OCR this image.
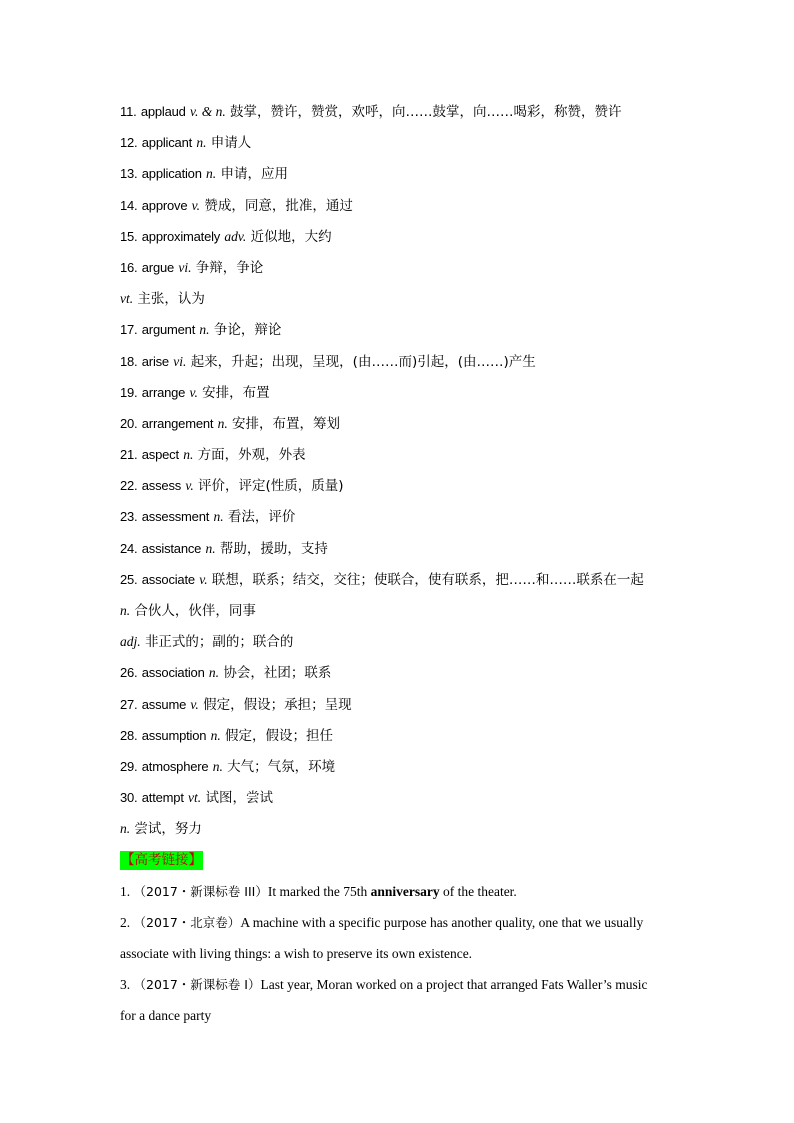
11. applaud v. & n. 鼓掌，赞许，赞赏，欢呼，向……鼓掌，向……喝彩，称赞，赞许
12. applicant n. 申请人
13. application n. 申请，应用
14. approve v. 赞成，同意，批准，通过
15. approximately adv. 近似地，大约
16. argue vi. 争辩，争论
vt. 主张，认为
17. argument n. 争论，辩论
18. arise vi. 起来，升起；出现，呈现，(由……而)引起，(由……)产生
19. arrange v. 安排，布置
20. arrangement n. 安排，布置，筹划
21. aspect n. 方面，外观，外表
22. assess v. 评价，评定(性质，质量)
23. assessment n. 看法，评价
24. assistance n. 帮助，援助，支持
25. associate v. 联想，联系；结交，交往；使联合，使有联系，把……和……联系在一起
n. 合伙人，伙伴，同事
adj. 非正式的；副的；联合的
26. association n. 协会，社团；联系
27. assume v. 假定，假设；承担；呈现
28. assumption n. 假定，假设；担任
29. atmosphere n. 大气；气氛，环境
30. attempt vt. 试图，尝试
n. 尝试，努力
【高考链接】
1. （2017・新课标卷 III）It marked the 75th anniversary of the theater.
2. （2017・北京卷）A machine with a specific purpose has another quality, one that we usually
associate with living things: a wish to preserve its own existence.
3. （2017・新课标卷 I）Last year, Moran worked on a project that arranged Fats Waller’s music
for a dance party
